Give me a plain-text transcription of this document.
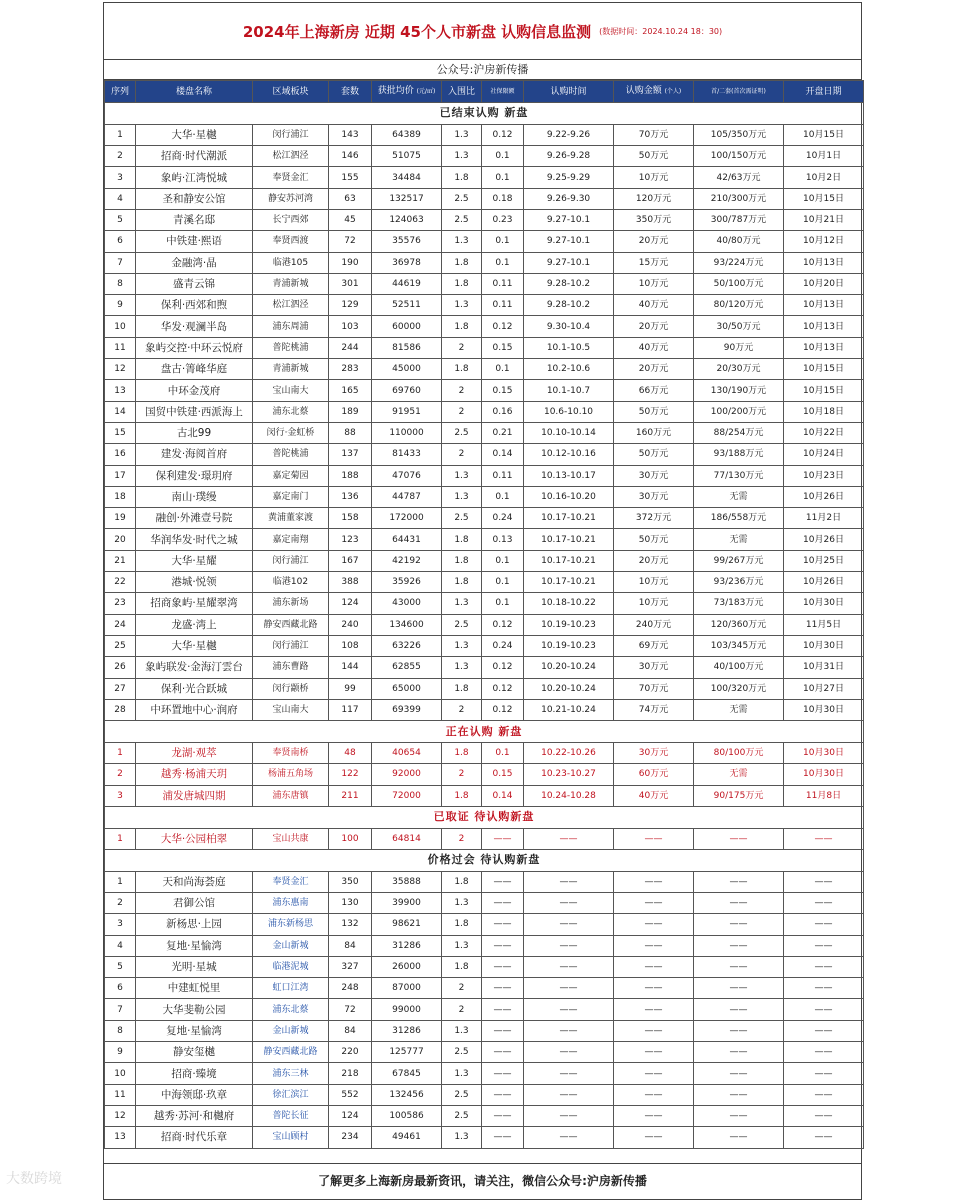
2024年上海新房 近期 45个人市新盘 认购信息监测 (数据时间：2024.10.24 18：30)
公众号:沪房新传播
序列	楼盘名称	区域板块	套数	获批均价 (元/㎡)	入围比	社保限额	认购时间	认购金额 (个人)	首/二套(首次需证明)	开盘日期
已结束认购 新盘										
1	大华·星樾	闵行浦江	143	64389	1.3	0.12	9.22-9.26	70万元	105/350万元	10月15日
2	招商·时代潮派	松江泗泾	146	51075	1.3	0.1	9.26-9.28	50万元	100/150万元	10月1日
3	象屿·江湾悦城	奉贤金汇	155	34484	1.8	0.1	9.25-9.29	10万元	42/63万元	10月2日
4	圣和静安公馆	静安苏河湾	63	132517	2.5	0.18	9.26-9.30	120万元	210/300万元	10月15日
5	青溪名邸	长宁西郊	45	124063	2.5	0.23	9.27-10.1	350万元	300/787万元	10月21日
6	中铁建·熙语	奉贤西渡	72	35576	1.3	0.1	9.27-10.1	20万元	40/80万元	10月12日
7	金融湾·晶	临港105	190	36978	1.8	0.1	9.27-10.1	15万元	93/224万元	10月13日
8	盛青云锦	青浦新城	301	44619	1.8	0.11	9.28-10.2	10万元	50/100万元	10月20日
9	保利·西郊和煦	松江泗泾	129	52511	1.3	0.11	9.28-10.2	40万元	80/120万元	10月13日
10	华发·观澜半岛	浦东周浦	103	60000	1.8	0.12	9.30-10.4	20万元	30/50万元	10月13日
11	象屿交控·中环云悦府	普陀桃浦	244	81586	2	0.15	10.1-10.5	40万元	90万元	10月13日
12	盘古·箐峰华庭	青浦新城	283	45000	1.8	0.1	10.2-10.6	20万元	20/30万元	10月15日
13	中环金茂府	宝山南大	165	69760	2	0.15	10.1-10.7	66万元	130/190万元	10月15日
14	国贸中铁建·西派海上	浦东北蔡	189	91951	2	0.16	10.6-10.10	50万元	100/200万元	10月18日
15	古北99	闵行·金虹桥	88	110000	2.5	0.21	10.10-10.14	160万元	88/254万元	10月22日
16	建发·海阅首府	普陀桃浦	137	81433	2	0.14	10.12-10.16	50万元	93/188万元	10月24日
17	保利建发·璟玥府	嘉定菊园	188	47076	1.3	0.11	10.13-10.17	30万元	77/130万元	10月23日
18	南山·璞缦	嘉定南门	136	44787	1.3	0.1	10.16-10.20	30万元	无需	10月26日
19	融创·外滩壹号院	黄浦董家渡	158	172000	2.5	0.24	10.17-10.21	372万元	186/558万元	11月2日
20	华润华发·时代之城	嘉定南翔	123	64431	1.8	0.13	10.17-10.21	50万元	无需	10月26日
21	大华·星耀	闵行浦江	167	42192	1.8	0.1	10.17-10.21	20万元	99/267万元	10月25日
22	港城·悦领	临港102	388	35926	1.8	0.1	10.17-10.21	10万元	93/236万元	10月26日
23	招商象屿·星耀翠湾	浦东新场	124	43000	1.3	0.1	10.18-10.22	10万元	73/183万元	10月30日
24	龙盛·湾上	静安西藏北路	240	134600	2.5	0.12	10.19-10.23	240万元	120/360万元	11月5日
25	大华·星樾	闵行浦江	108	63226	1.3	0.24	10.19-10.23	69万元	103/345万元	10月30日
26	象屿联发·金海汀雲台	浦东曹路	144	62855	1.3	0.12	10.20-10.24	30万元	40/100万元	10月31日
27	保利·光合跃城	闵行颛桥	99	65000	1.8	0.12	10.20-10.24	70万元	100/320万元	10月27日
28	中环置地中心·润府	宝山南大	117	69399	2	0.12	10.21-10.24	74万元	无需	10月30日
正在认购 新盘										
1	龙湖·观萃	奉贤南桥	48	40654	1.8	0.1	10.22-10.26	30万元	80/100万元	10月30日
2	越秀·杨浦天玥	杨浦五角场	122	92000	2	0.15	10.23-10.27	60万元	无需	10月30日
3	浦发唐城四期	浦东唐镇	211	72000	1.8	0.14	10.24-10.28	40万元	90/175万元	11月8日
已取证 待认购新盘										
1	大华·公园柏翠	宝山共康	100	64814	2	——	——	——	——	——
价格过会 待认购新盘										
1	天和尚海荟庭	奉贤金汇	350	35888	1.8	——	——	——	——	——
2	君御公馆	浦东惠南	130	39900	1.3	——	——	——	——	——
3	新杨思·上园	浦东新杨思	132	98621	1.8	——	——	——	——	——
4	复地·星愉湾	金山新城	84	31286	1.3	——	——	——	——	——
5	光明·星城	临港泥城	327	26000	1.8	——	——	——	——	——
6	中建虹悦里	虹口江湾	248	87000	2	——	——	——	——	——
7	大华斐勒公园	浦东北蔡	72	99000	2	——	——	——	——	——
8	复地·星愉湾	金山新城	84	31286	1.3	——	——	——	——	——
9	静安玺樾	静安西藏北路	220	125777	2.5	——	——	——	——	——
10	招商·臻境	浦东三林	218	67845	1.3	——	——	——	——	——
11	中海领邸·玖章	徐汇滨江	552	132456	2.5	——	——	——	——	——
12	越秀·苏河·和樾府	普陀长征	124	100586	2.5	——	——	——	——	——
13	招商·时代乐章	宝山顾村	234	49461	1.3	——	——	——	——	——
了解更多上海新房最新资讯，请关注，微信公众号:沪房新传播
大数跨境
